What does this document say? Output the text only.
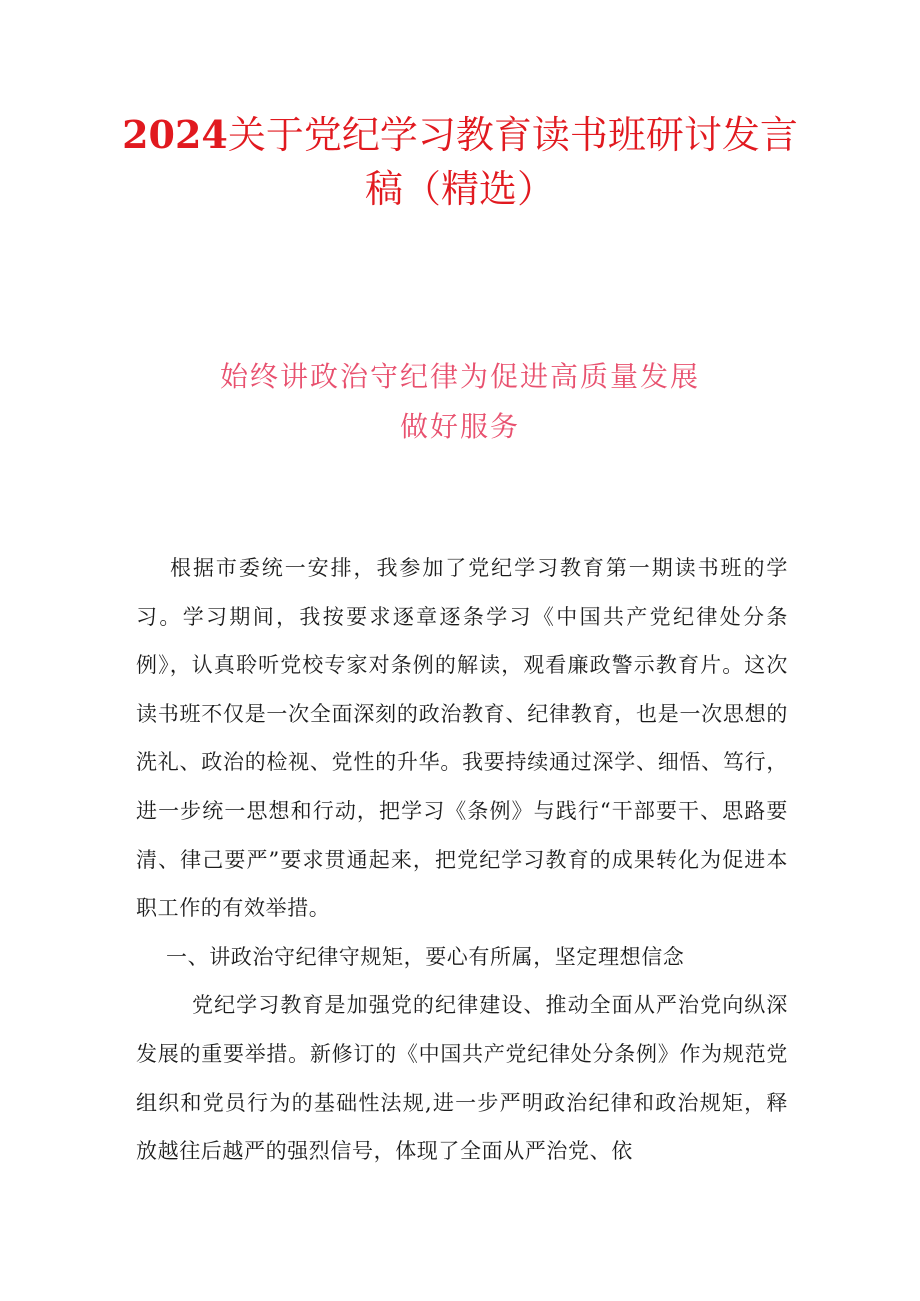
2024关于党纪学习教育读书班研讨发言稿（精选）
始终讲政治守纪律为促进高质量发展
做好服务

根据市委统一安排，我参加了党纪学习教育第一期读书班的学习。学习期间，我按要求逐章逐条学习《中国共产党纪律处分条例》，认真聆听党校专家对条例的解读，观看廉政警示教育片。这次读书班不仅是一次全面深刻的政治教育、纪律教育，也是一次思想的洗礼、政治的检视、党性的升华。我要持续通过深学、细悟、笃行，进一步统一思想和行动，把学习《条例》与践行“干部要干、思路要清、律己要严”要求贯通起来，把党纪学习教育的成果转化为促进本职工作的有效举措。

一、讲政治守纪律守规矩，要心有所属，坚定理想信念

党纪学习教育是加强党的纪律建设、推动全面从严治党向纵深发展的重要举措。新修订的《中国共产党纪律处分条例》作为规范党组织和党员行为的基础性法规,进一步严明政治纪律和政治规矩，释放越往后越严的强烈信号，体现了全面从严治党、依
